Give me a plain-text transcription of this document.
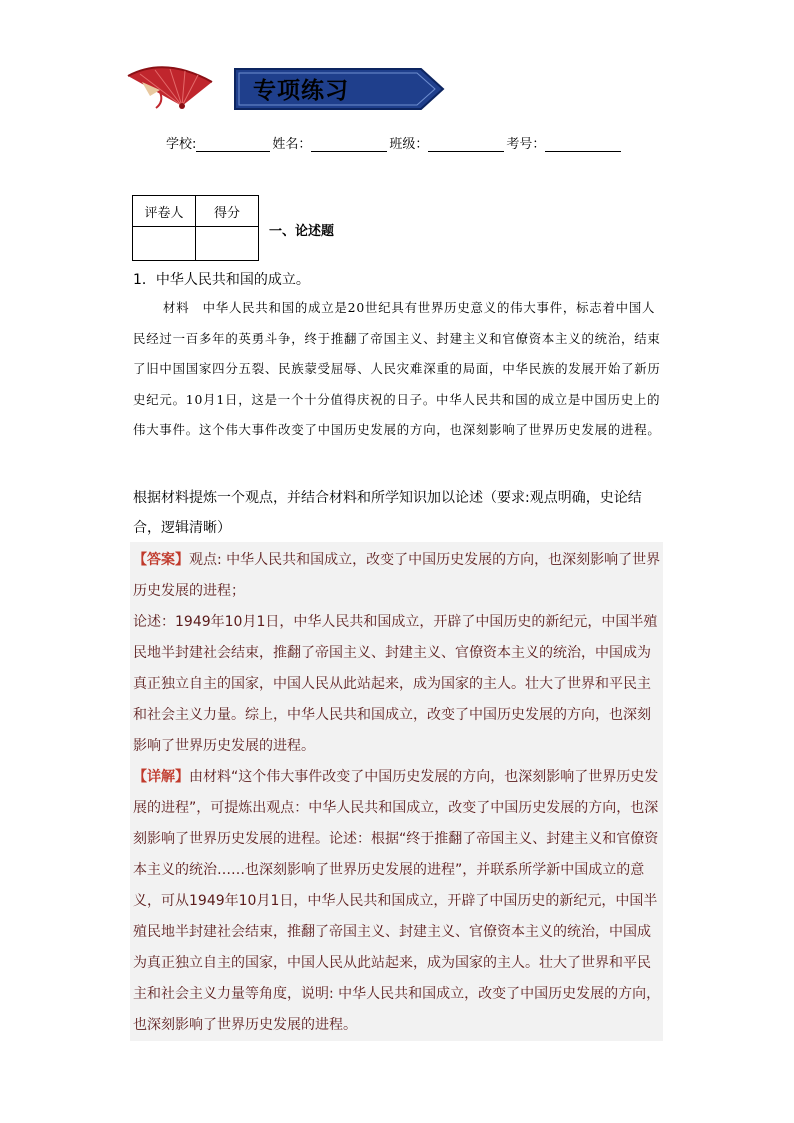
专项练习
学校:	姓名：	班级：	考号：
评卷人	得分

一、论述题
1．中华人民共和国的成立。
材料　中华人民共和国的成立是20世纪具有世界历史意义的伟大事件，标志着中国人民经过一百多年的英勇斗争，终于推翻了帝国主义、封建主义和官僚资本主义的统治，结束了旧中国国家四分五裂、民族蒙受屈辱、人民灾难深重的局面，中华民族的发展开始了新历史纪元。10月1日，这是一个十分值得庆祝的日子。中华人民共和国的成立是中国历史上的伟大事件。这个伟大事件改变了中国历史发展的方向，也深刻影响了世界历史发展的进程。
根据材料提炼一个观点，并结合材料和所学知识加以论述（要求:观点明确，史论结合，逻辑清晰）

【答案】观点: 中华人民共和国成立，改变了中国历史发展的方向，也深刻影响了世界历史发展的进程；

论述：1949年10月1日，中华人民共和国成立，开辟了中国历史的新纪元，中国半殖民地半封建社会结束，推翻了帝国主义、封建主义、官僚资本主义的统治，中国成为真正独立自主的国家，中国人民从此站起来，成为国家的主人。壮大了世界和平民主和社会主义力量。综上，中华人民共和国成立，改变了中国历史发展的方向，也深刻影响了世界历史发展的进程。

【详解】由材料“这个伟大事件改变了中国历史发展的方向，也深刻影响了世界历史发展的进程”，可提炼出观点：中华人民共和国成立，改变了中国历史发展的方向，也深刻影响了世界历史发展的进程。论述：根据“终于推翻了帝国主义、封建主义和官僚资本主义的统治……也深刻影响了世界历史发展的进程”，并联系所学新中国成立的意义，可从1949年10月1日，中华人民共和国成立，开辟了中国历史的新纪元，中国半殖民地半封建社会结束，推翻了帝国主义、封建主义、官僚资本主义的统治，中国成为真正独立自主的国家，中国人民从此站起来，成为国家的主人。壮大了世界和平民主和社会主义力量等角度，说明: 中华人民共和国成立，改变了中国历史发展的方向，也深刻影响了世界历史发展的进程。
